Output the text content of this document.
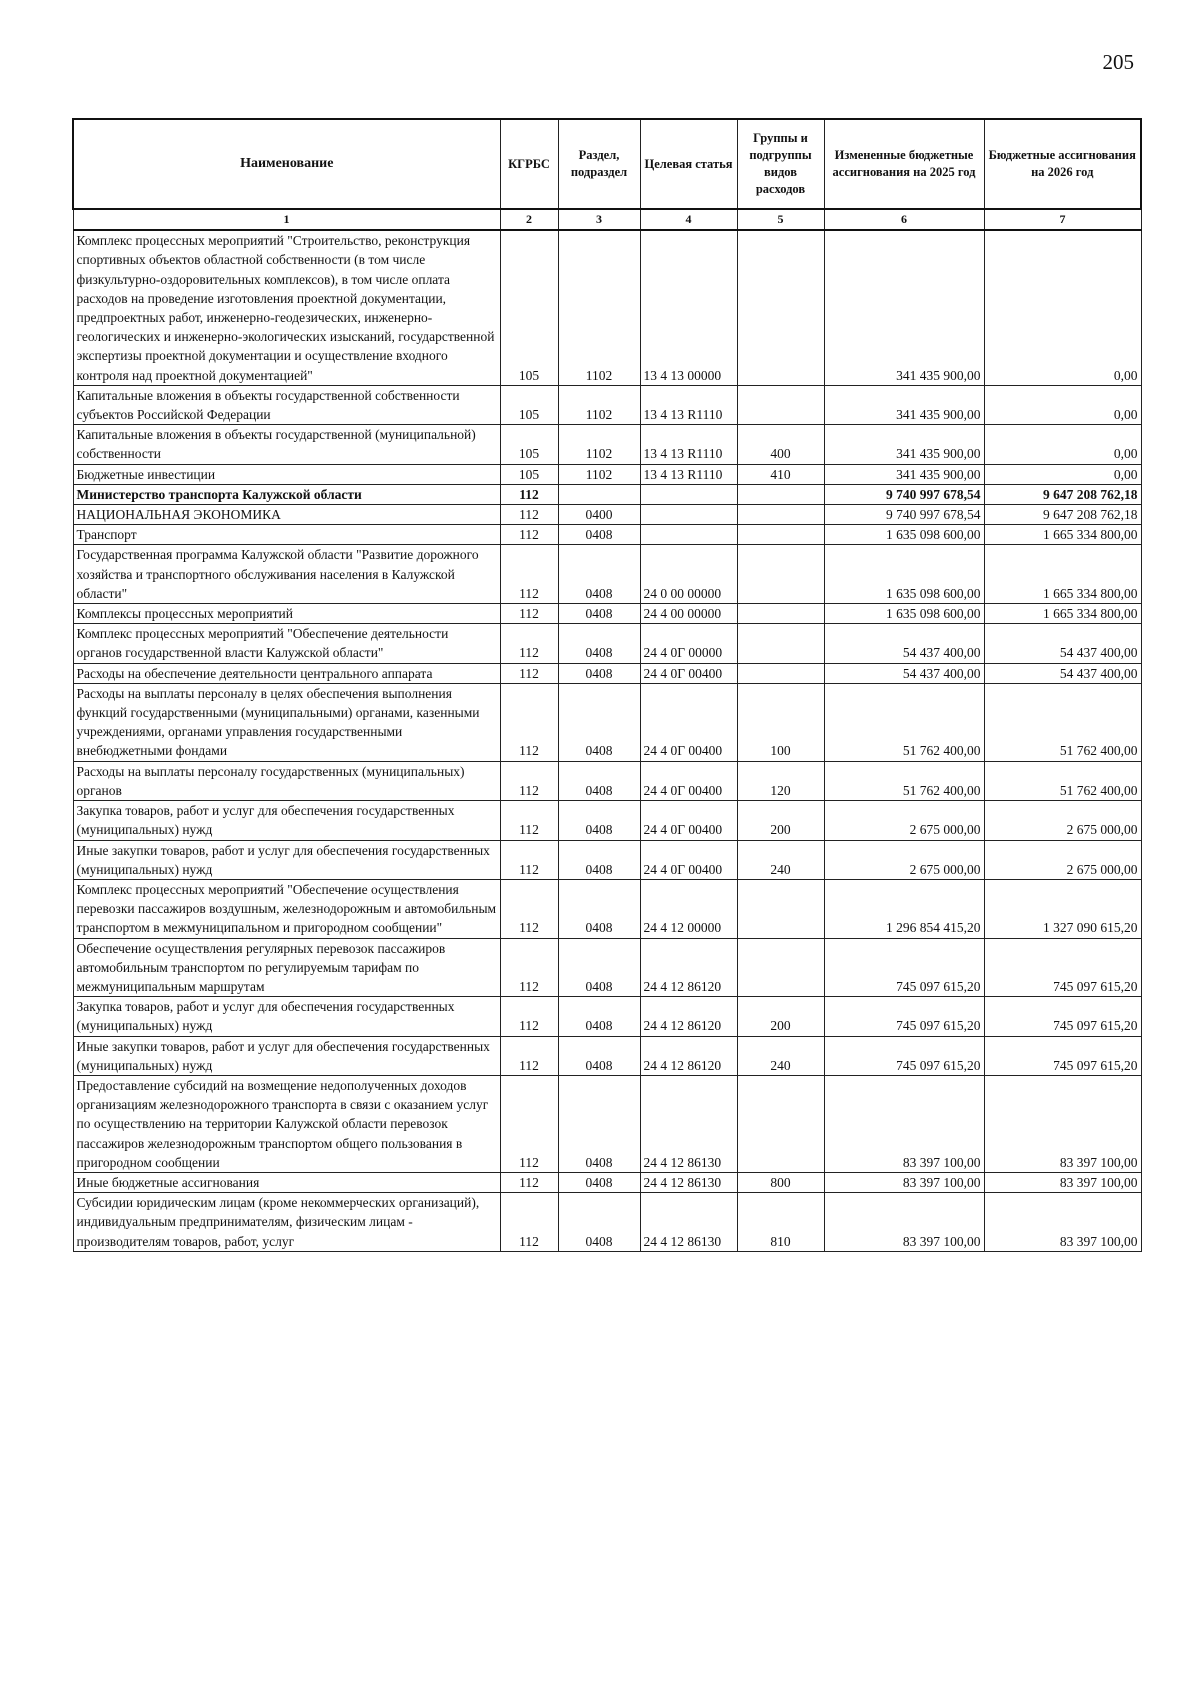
205
Наименование	КГРБС	Раздел, подраздел	Целевая статья	Группы и подгруппы видов расходов	Измененные бюджетные ассигнования на 2025 год	Бюджетные ассигнования на 2026 год
1	2	3	4	5	6	7
Комплекс процессных мероприятий "Строительство, реконструкция спортивных объектов областной собственности (в том числе физкультурно-оздоровительных комплексов), в том числе оплата расходов на проведение изготовления проектной документации, предпроектных работ, инженерно-геодезических, инженерно-геологических и инженерно-экологических изысканий, государственной экспертизы проектной документации и осуществление входного контроля над проектной документацией"	105	1102	13 4 13 00000		341 435 900,00	0,00
Капитальные вложения в объекты государственной собственности субъектов Российской Федерации	105	1102	13 4 13 R1110		341 435 900,00	0,00
Капитальные вложения в объекты государственной (муниципальной) собственности	105	1102	13 4 13 R1110	400	341 435 900,00	0,00
Бюджетные инвестиции	105	1102	13 4 13 R1110	410	341 435 900,00	0,00
Министерство транспорта Калужской области	112				9 740 997 678,54	9 647 208 762,18
НАЦИОНАЛЬНАЯ ЭКОНОМИКА	112	0400			9 740 997 678,54	9 647 208 762,18
Транспорт	112	0408			1 635 098 600,00	1 665 334 800,00
Государственная программа Калужской области "Развитие дорожного хозяйства и транспортного обслуживания населения в Калужской области"	112	0408	24 0 00 00000		1 635 098 600,00	1 665 334 800,00
Комплексы процессных мероприятий	112	0408	24 4 00 00000		1 635 098 600,00	1 665 334 800,00
Комплекс процессных мероприятий "Обеспечение деятельности органов государственной власти Калужской области"	112	0408	24 4 0Г 00000		54 437 400,00	54 437 400,00
Расходы на обеспечение деятельности центрального аппарата	112	0408	24 4 0Г 00400		54 437 400,00	54 437 400,00
Расходы на выплаты персоналу в целях обеспечения выполнения функций государственными (муниципальными) органами, казенными учреждениями, органами управления государственными внебюджетными фондами	112	0408	24 4 0Г 00400	100	51 762 400,00	51 762 400,00
Расходы на выплаты персоналу государственных (муниципальных) органов	112	0408	24 4 0Г 00400	120	51 762 400,00	51 762 400,00
Закупка товаров, работ и услуг для обеспечения государственных (муниципальных) нужд	112	0408	24 4 0Г 00400	200	2 675 000,00	2 675 000,00
Иные закупки товаров, работ и услуг для обеспечения государственных (муниципальных) нужд	112	0408	24 4 0Г 00400	240	2 675 000,00	2 675 000,00
Комплекс процессных мероприятий "Обеспечение осуществления перевозки пассажиров воздушным, железнодорожным и автомобильным транспортом в межмуниципальном и пригородном сообщении"	112	0408	24 4 12 00000		1 296 854 415,20	1 327 090 615,20
Обеспечение осуществления регулярных перевозок пассажиров автомобильным транспортом по регулируемым тарифам по межмуниципальным маршрутам	112	0408	24 4 12 86120		745 097 615,20	745 097 615,20
Закупка товаров, работ и услуг для обеспечения государственных (муниципальных) нужд	112	0408	24 4 12 86120	200	745 097 615,20	745 097 615,20
Иные закупки товаров, работ и услуг для обеспечения государственных (муниципальных) нужд	112	0408	24 4 12 86120	240	745 097 615,20	745 097 615,20
Предоставление субсидий на возмещение недополученных доходов организациям железнодорожного транспорта в связи с оказанием услуг по осуществлению на территории Калужской области перевозок пассажиров железнодорожным транспортом общего пользования в пригородном сообщении	112	0408	24 4 12 86130		83 397 100,00	83 397 100,00
Иные бюджетные ассигнования	112	0408	24 4 12 86130	800	83 397 100,00	83 397 100,00
Субсидии юридическим лицам (кроме некоммерческих организаций), индивидуальным предпринимателям, физическим лицам - производителям товаров, работ, услуг	112	0408	24 4 12 86130	810	83 397 100,00	83 397 100,00
